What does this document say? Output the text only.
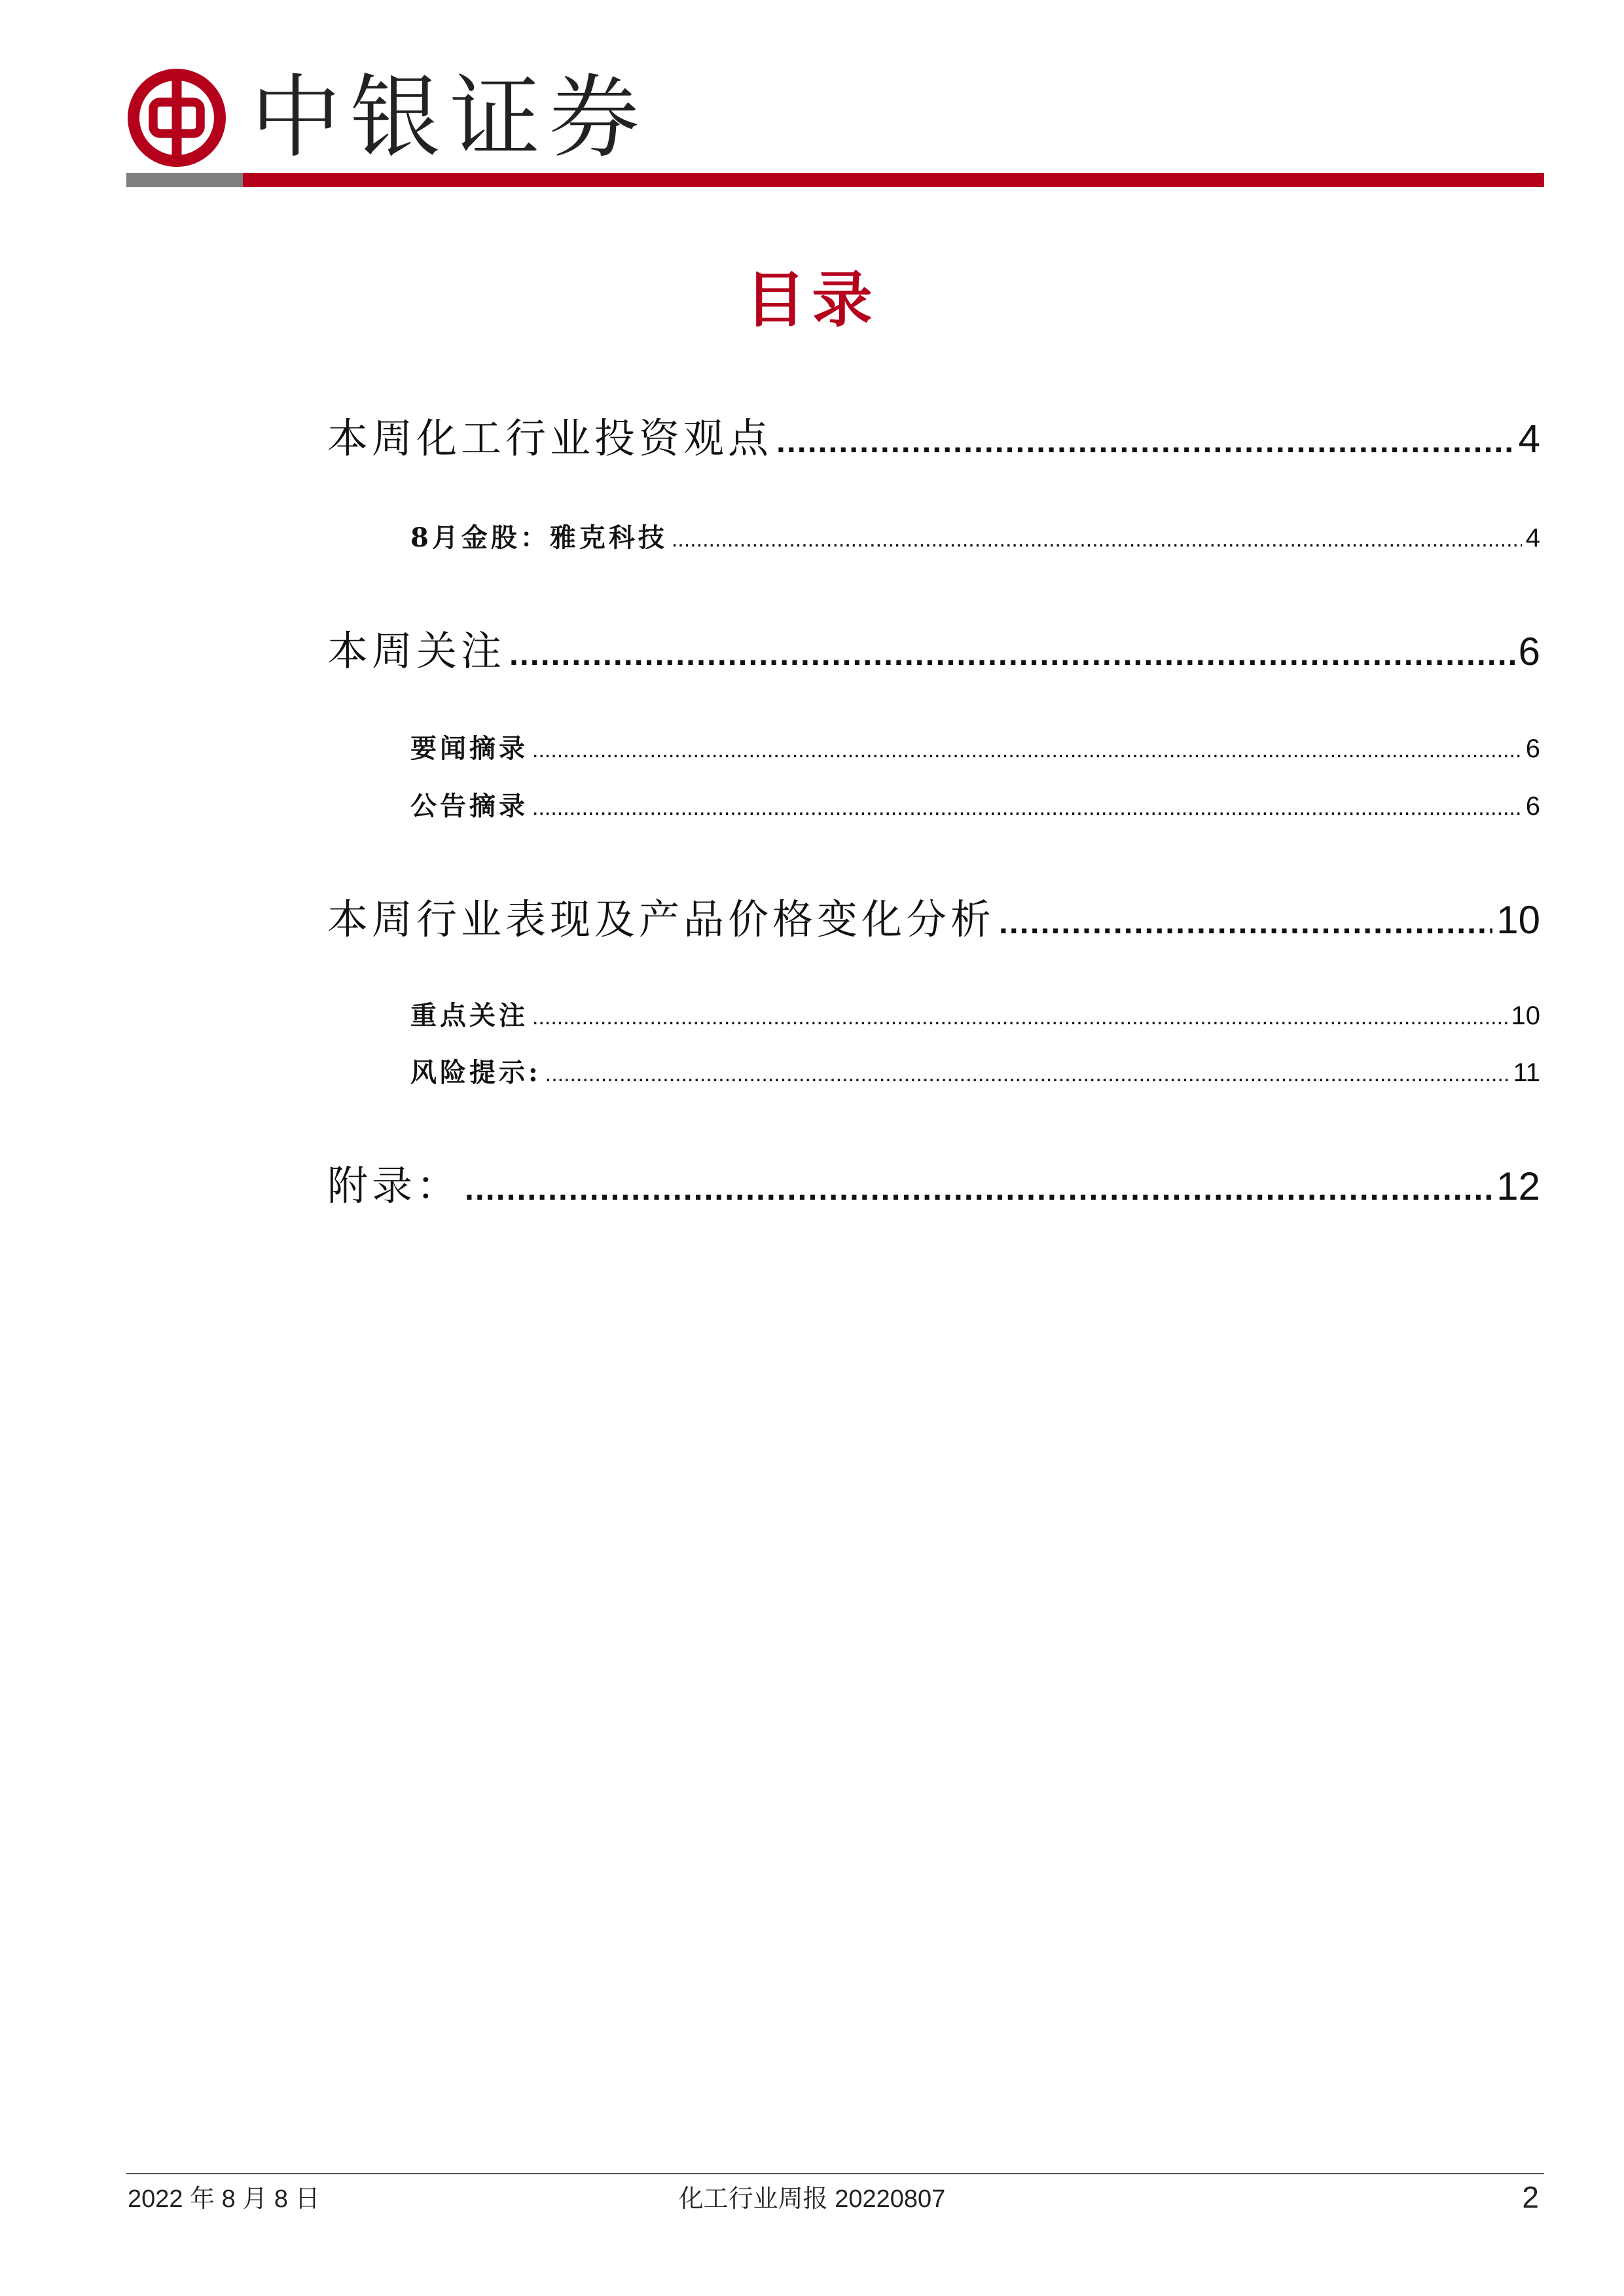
中银证券
目录
本周化工行业投资观点 .....	4
8月金股：雅克科技 .....	4
本周关注 .....	6
要闻摘录 .....	6
公告摘录 .....	6
本周行业表现及产品价格变化分析 .....	10
重点关注 .....	10
风险提示: .....	11
附录： .....	12
2022 年 8 月 8 日	化工行业周报 20220807	2
